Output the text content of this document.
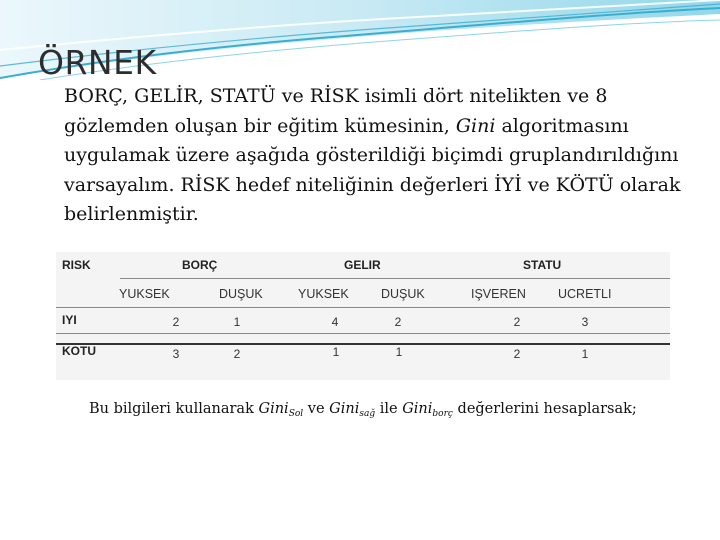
ÖRNEK

BORÇ, GELİR, STATÜ ve RİSK isimli dört nitelikten ve 8 gözlemden oluşan bir eğitim kümesinin, Gini algoritmasını uygulamak üzere aşağıda gösterildiği biçimdi gruplandırıldığını varsayalım. RİSK hedef niteliğinin değerleri İYİ ve KÖTÜ olarak belirlenmiştir.

RISK	BORÇ	GELIR	STATU
YUKSEK	DUŞUK	YUKSEK	DUŞUK	IŞVEREN	UCRETLI
IYI	2	1	4	2	2	3
KOTU	3	2	1	1	2	1

Bu bilgileri kullanarak Gini$_{Sol}$ ve Gini$_{sağ}$ ile Gini$_{borç}$ değerlerini hesaplarsak;
